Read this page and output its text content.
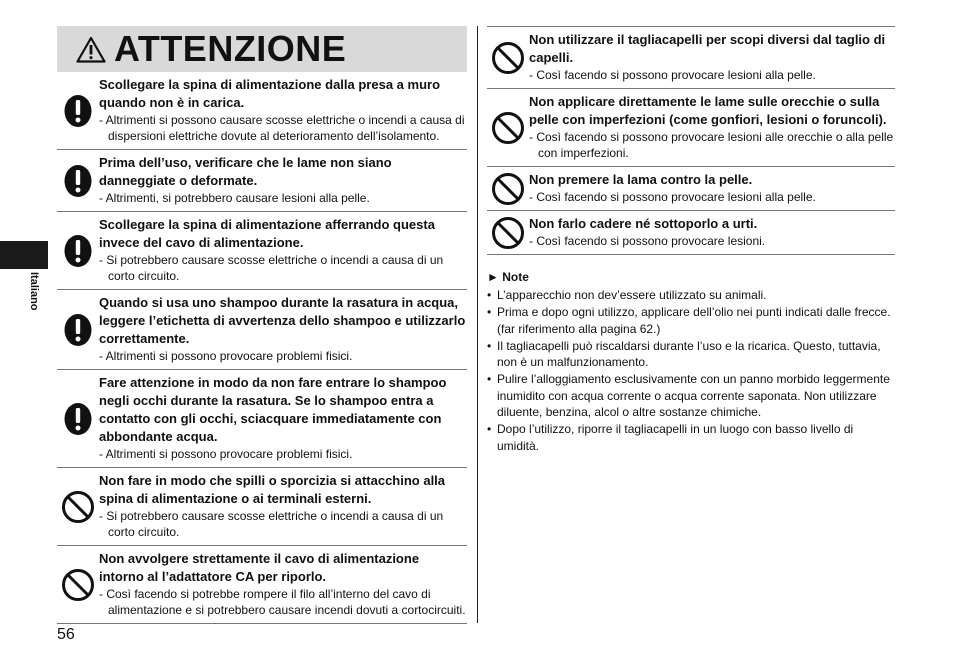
Italiano
ATTENZIONE
Scollegare la spina di alimentazione dalla presa a muro quando non è in carica.
- Altrimenti si possono causare scosse elettriche o incendi a causa di dispersioni elettriche dovute al deterioramento dell’isolamento.
Prima dell’uso, verificare che le lame non siano danneggiate o deformate.
- Altrimenti, si potrebbero causare lesioni alla pelle.
Scollegare la spina di alimentazione afferrando questa invece del cavo di alimentazione.
- Si potrebbero causare scosse elettriche o incendi a causa di un corto circuito.
Quando si usa uno shampoo durante la rasatura in acqua, leggere l’etichetta di avvertenza dello shampoo e utilizzarlo correttamente.
- Altrimenti si possono provocare problemi fisici.
Fare attenzione in modo da non fare entrare lo shampoo negli occhi durante la rasatura. Se lo shampoo entra a contatto con gli occhi, sciacquare immediatamente con abbondante acqua.
- Altrimenti si possono provocare problemi fisici.
Non fare in modo che spilli o sporcizia si attacchino alla spina di alimentazione o ai terminali esterni.
- Si potrebbero causare scosse elettriche o incendi a causa di un corto circuito.
Non avvolgere strettamente il cavo di alimentazione intorno al l’adattatore CA per riporlo.
- Così facendo si potrebbe rompere il filo all’interno del cavo di alimentazione e si potrebbero causare incendi dovuti a cortocircuiti.
Non utilizzare il tagliacapelli per scopi diversi dal taglio di capelli.
- Così facendo si possono provocare lesioni alla pelle.
Non applicare direttamente le lame sulle orecchie o sulla pelle con imperfezioni (come gonfiori, lesioni o foruncoli).
- Così facendo si possono provocare lesioni alle orecchie o alla pelle con imperfezioni.
Non premere la lama contro la pelle.
- Così facendo si possono provocare lesioni alla pelle.
Non farlo cadere né sottoporlo a urti.
- Così facendo si possono provocare lesioni.
► Note
• L’apparecchio non dev’essere utilizzato su animali.
• Prima e dopo ogni utilizzo, applicare dell’olio nei punti indicati dalle frecce. (far riferimento alla pagina 62.)
• Il tagliacapelli può riscaldarsi durante l’uso e la ricarica. Questo, tuttavia, non è un malfunzionamento.
• Pulire l’alloggiamento esclusivamente con un panno morbido leggermente inumidito con acqua corrente o acqua corrente saponata. Non utilizzare diluente, benzina, alcol o altre sostanze chimiche.
• Dopo l’utilizzo, riporre il tagliacapelli in un luogo con basso livello di umidità.
56
